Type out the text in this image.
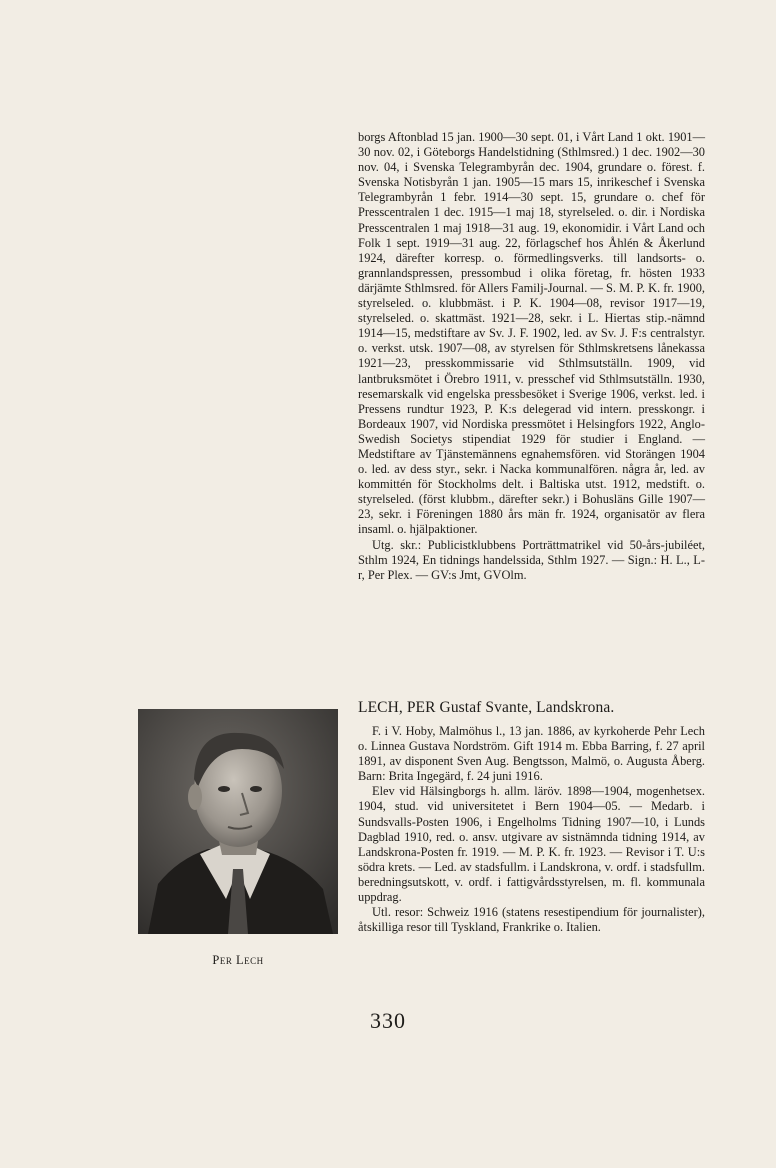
borgs Aftonblad 15 jan. 1900—30 sept. 01, i Vårt Land 1 okt. 1901—30 nov. 02, i Göteborgs Handelstidning (Sthlmsred.) 1 dec. 1902—30 nov. 04, i Svenska Telegrambyrån dec. 1904, grundare o. förest. f. Svenska Notisbyrån 1 jan. 1905—15 mars 15, inrikeschef i Svenska Telegrambyrån 1 febr. 1914—30 sept. 15, grundare o. chef för Presscentralen 1 dec. 1915—1 maj 18, styrelseled. o. dir. i Nordiska Presscentralen 1 maj 1918—31 aug. 19, ekonomidir. i Vårt Land och Folk 1 sept. 1919—31 aug. 22, förlagschef hos Åhlén & Åkerlund 1924, därefter korresp. o. förmedlingsverks. till landsorts- o. grannlandspressen, pressombud i olika företag, fr. hösten 1933 därjämte Sthlmsred. för Allers Familj-Journal. — S. M. P. K. fr. 1900, styrelseled. o. klubbmäst. i P. K. 1904—08, revisor 1917—19, styrelseled. o. skattmäst. 1921—28, sekr. i L. Hiertas stip.-nämnd 1914—15, medstiftare av Sv. J. F. 1902, led. av Sv. J. F:s centralstyr. o. verkst. utsk. 1907—08, av styrelsen för Sthlmskretsens lånekassa 1921—23, presskommissarie vid Sthlmsutställn. 1909, vid lantbruksmötet i Örebro 1911, v. presschef vid Sthlmsutställn. 1930, resemarskalk vid engelska pressbesöket i Sverige 1906, verkst. led. i Pressens rundtur 1923, P. K:s delegerad vid intern. presskongr. i Bordeaux 1907, vid Nordiska pressmötet i Helsingfors 1922, Anglo-Swedish Societys stipendiat 1929 för studier i England. — Medstiftare av Tjänstemännens egnahemsfören. vid Storängen 1904 o. led. av dess styr., sekr. i Nacka kommunalfören. några år, led. av kommittén för Stockholms delt. i Baltiska utst. 1912, medstift. o. styrelseled. (först klubbm., därefter sekr.) i Bohusläns Gille 1907—23, sekr. i Föreningen 1880 års män fr. 1924, organisatör av flera insaml. o. hjälpaktioner.

Utg. skr.: Publicistklubbens Porträttmatrikel vid 50-års-jubiléet, Sthlm 1924, En tidnings handelssida, Sthlm 1927. — Sign.: H. L., L-r, Per Plex. — GV:s Jmt, GVOlm.

Per Lech
LECH, PER Gustaf Svante, Landskrona.

F. i V. Hoby, Malmöhus l., 13 jan. 1886, av kyrkoherde Pehr Lech o. Linnea Gustava Nordström. Gift 1914 m. Ebba Barring, f. 27 april 1891, av disponent Sven Aug. Bengtsson, Malmö, o. Augusta Åberg. Barn: Brita Ingegärd, f. 24 juni 1916.

Elev vid Hälsingborgs h. allm. läröv. 1898—1904, mogenhetsex. 1904, stud. vid universitetet i Bern 1904—05. — Medarb. i Sundsvalls-Posten 1906, i Engelholms Tidning 1907—10, i Lunds Dagblad 1910, red. o. ansv. utgivare av sistnämnda tidning 1914, av Landskrona-Posten fr. 1919. — M. P. K. fr. 1923. — Revisor i T. U:s södra krets. — Led. av stadsfullm. i Landskrona, v. ordf. i stadsfullm. beredningsutskott, v. ordf. i fattigvårdsstyrelsen, m. fl. kommunala uppdrag.

Utl. resor: Schweiz 1916 (statens resestipendium för journalister), åtskilliga resor till Tyskland, Frankrike o. Italien.

330
